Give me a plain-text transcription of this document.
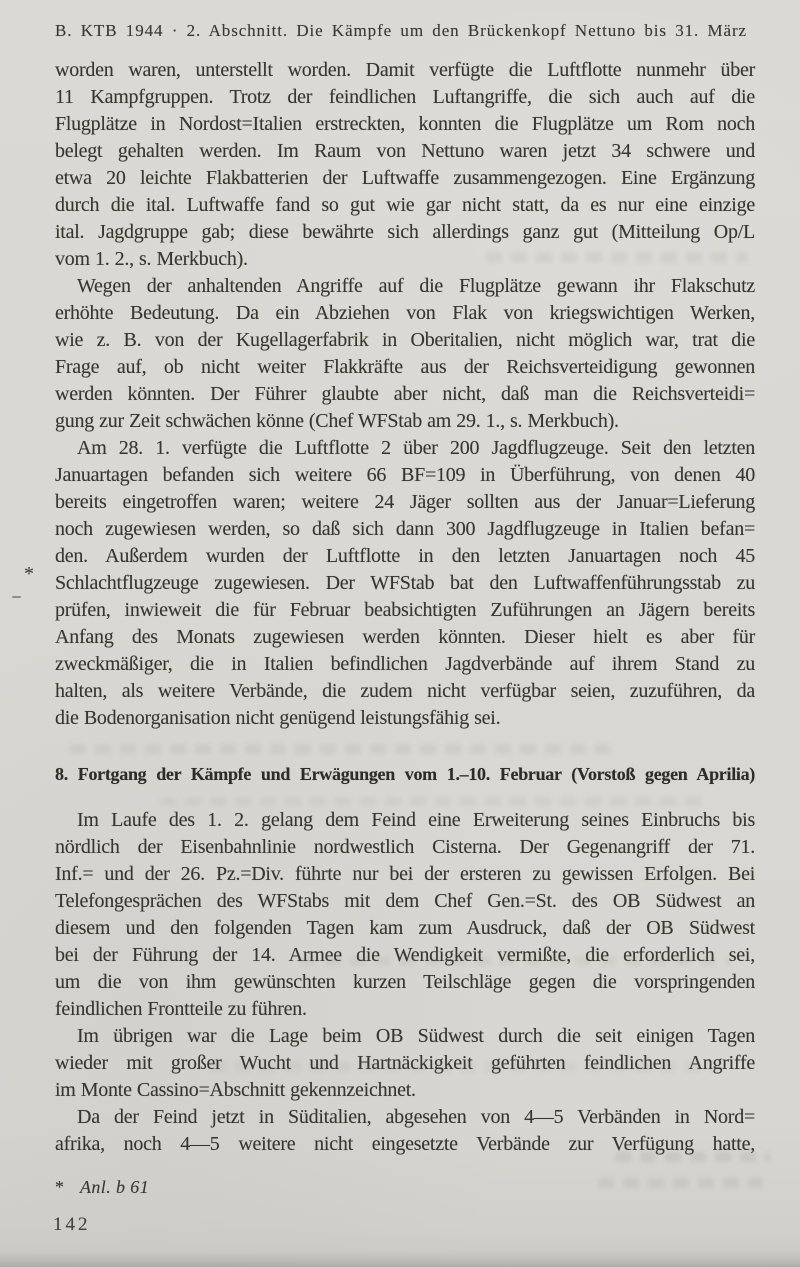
B. KTB 1944 · 2. Abschnitt. Die Kämpfe um den Brückenkopf Nettuno bis 31. März
worden waren, unterstellt worden. Damit verfügte die Luftflotte nunmehr über
11 Kampfgruppen. Trotz der feindlichen Luftangriffe, die sich auch auf die
Flugplätze in Nordost=Italien erstreckten, konnten die Flugplätze um Rom noch
belegt gehalten werden. Im Raum von Nettuno waren jetzt 34 schwere und
etwa 20 leichte Flakbatterien der Luftwaffe zusammengezogen. Eine Ergänzung
durch die ital. Luftwaffe fand so gut wie gar nicht statt, da es nur eine einzige
ital. Jagdgruppe gab; diese bewährte sich allerdings ganz gut (Mitteilung Op/L
vom 1. 2., s. Merkbuch).
Wegen der anhaltenden Angriffe auf die Flugplätze gewann ihr Flakschutz
erhöhte Bedeutung. Da ein Abziehen von Flak von kriegswichtigen Werken,
wie z. B. von der Kugellagerfabrik in Oberitalien, nicht möglich war, trat die
Frage auf, ob nicht weiter Flakkräfte aus der Reichsverteidigung gewonnen
werden könnten. Der Führer glaubte aber nicht, daß man die Reichsverteidi=
gung zur Zeit schwächen könne (Chef WFStab am 29. 1., s. Merkbuch).
Am 28. 1. verfügte die Luftflotte 2 über 200 Jagdflugzeuge. Seit den letzten
Januartagen befanden sich weitere 66 BF=109 in Überführung, von denen 40
bereits eingetroffen waren; weitere 24 Jäger sollten aus der Januar=Lieferung
noch zugewiesen werden, so daß sich dann 300 Jagdflugzeuge in Italien befan=
den. Außerdem wurden der Luftflotte in den letzten Januartagen noch 45
Schlachtflugzeuge zugewiesen. Der WFStab bat den Luftwaffenführungsstab zu
prüfen, inwieweit die für Februar beabsichtigten Zuführungen an Jägern bereits
Anfang des Monats zugewiesen werden könnten. Dieser hielt es aber für
zweckmäßiger, die in Italien befindlichen Jagdverbände auf ihrem Stand zu
halten, als weitere Verbände, die zudem nicht verfügbar seien, zuzuführen, da
die Bodenorganisation nicht genügend leistungsfähig sei.
8. Fortgang der Kämpfe und Erwägungen vom 1.–10. Februar (Vorstoß gegen Aprilia)
Im Laufe des 1. 2. gelang dem Feind eine Erweiterung seines Einbruchs bis
nördlich der Eisenbahnlinie nordwestlich Cisterna. Der Gegenangriff der 71.
Inf.= und der 26. Pz.=Div. führte nur bei der ersteren zu gewissen Erfolgen. Bei
Telefongesprächen des WFStabs mit dem Chef Gen.=St. des OB Südwest an
diesem und den folgenden Tagen kam zum Ausdruck, daß der OB Südwest
bei der Führung der 14. Armee die Wendigkeit vermißte, die erforderlich sei,
um die von ihm gewünschten kurzen Teilschläge gegen die vorspringenden
feindlichen Frontteile zu führen.
Im übrigen war die Lage beim OB Südwest durch die seit einigen Tagen
wieder mit großer Wucht und Hartnäckigkeit geführten feindlichen Angriffe
im Monte Cassino=Abschnitt gekennzeichnet.
Da der Feind jetzt in Süditalien, abgesehen von 4—5 Verbänden in Nord=
afrika, noch 4—5 weitere nicht eingesetzte Verbände zur Verfügung hatte,
*
* Anl. b 61
142
